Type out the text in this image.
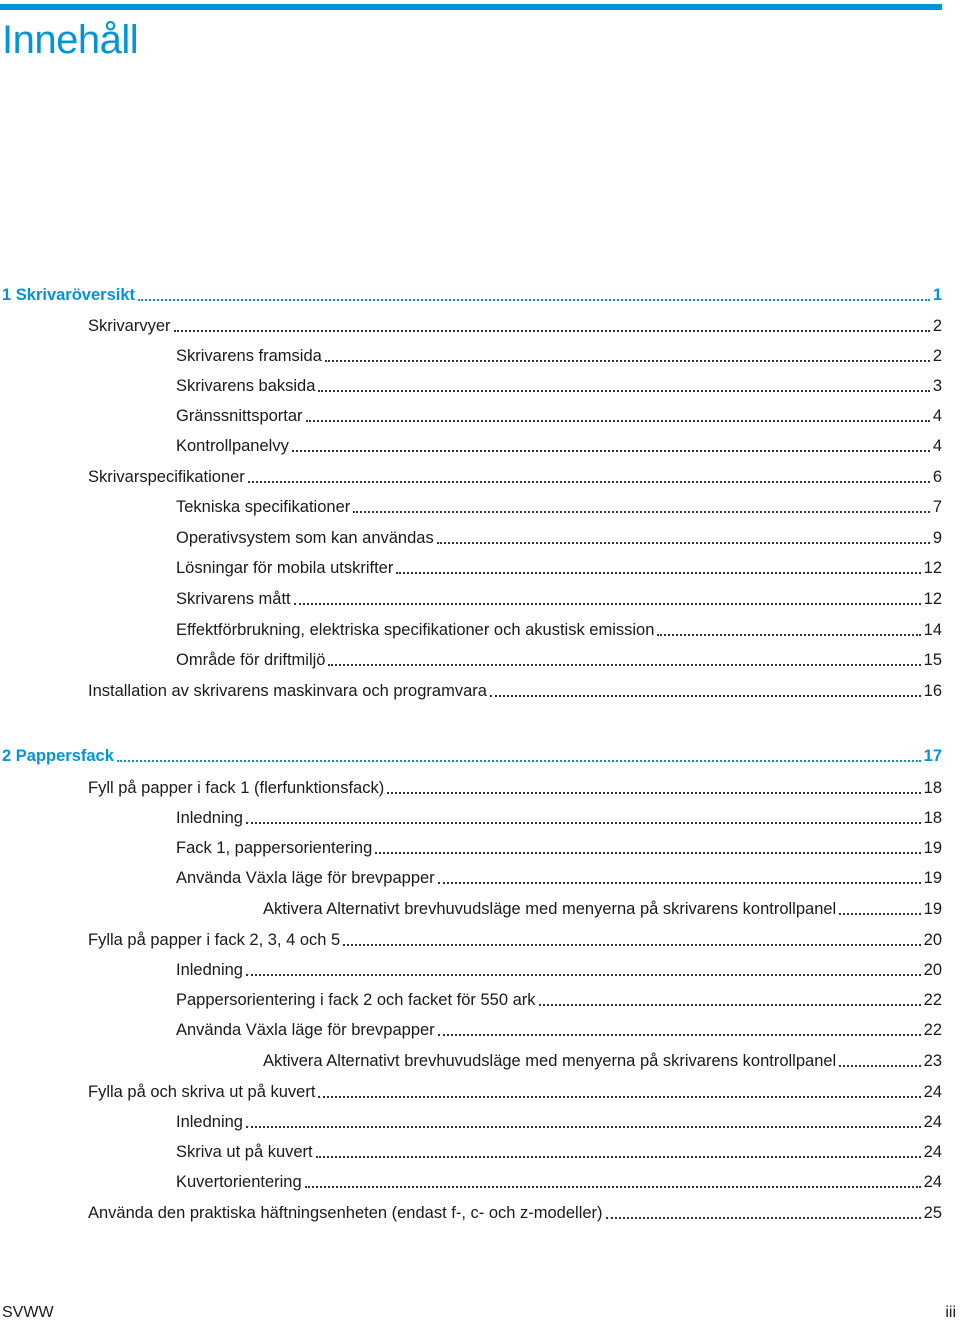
Innehåll
1 Skrivaröversikt	1
Skrivarvyer	2
Skrivarens framsida	2
Skrivarens baksida	3
Gränssnittsportar	4
Kontrollpanelvy	4
Skrivarspecifikationer	6
Tekniska specifikationer	7
Operativsystem som kan användas	9
Lösningar för mobila utskrifter	12
Skrivarens mått	12
Effektförbrukning, elektriska specifikationer och akustisk emission	14
Område för driftmiljö	15
Installation av skrivarens maskinvara och programvara	16
2 Pappersfack	17
Fyll på papper i fack 1 (flerfunktionsfack)	18
Inledning	18
Fack 1, pappersorientering	19
Använda Växla läge för brevpapper	19
Aktivera Alternativt brevhuvudsläge med menyerna på skrivarens kontrollpanel	19
Fylla på papper i fack 2, 3, 4 och 5	20
Inledning	20
Pappersorientering i fack 2 och facket för 550 ark	22
Använda Växla läge för brevpapper	22
Aktivera Alternativt brevhuvudsläge med menyerna på skrivarens kontrollpanel	23
Fylla på och skriva ut på kuvert	24
Inledning	24
Skriva ut på kuvert	24
Kuvertorientering	24
Använda den praktiska häftningsenheten (endast f-, c- och z-modeller)	25
SVWW	iii
